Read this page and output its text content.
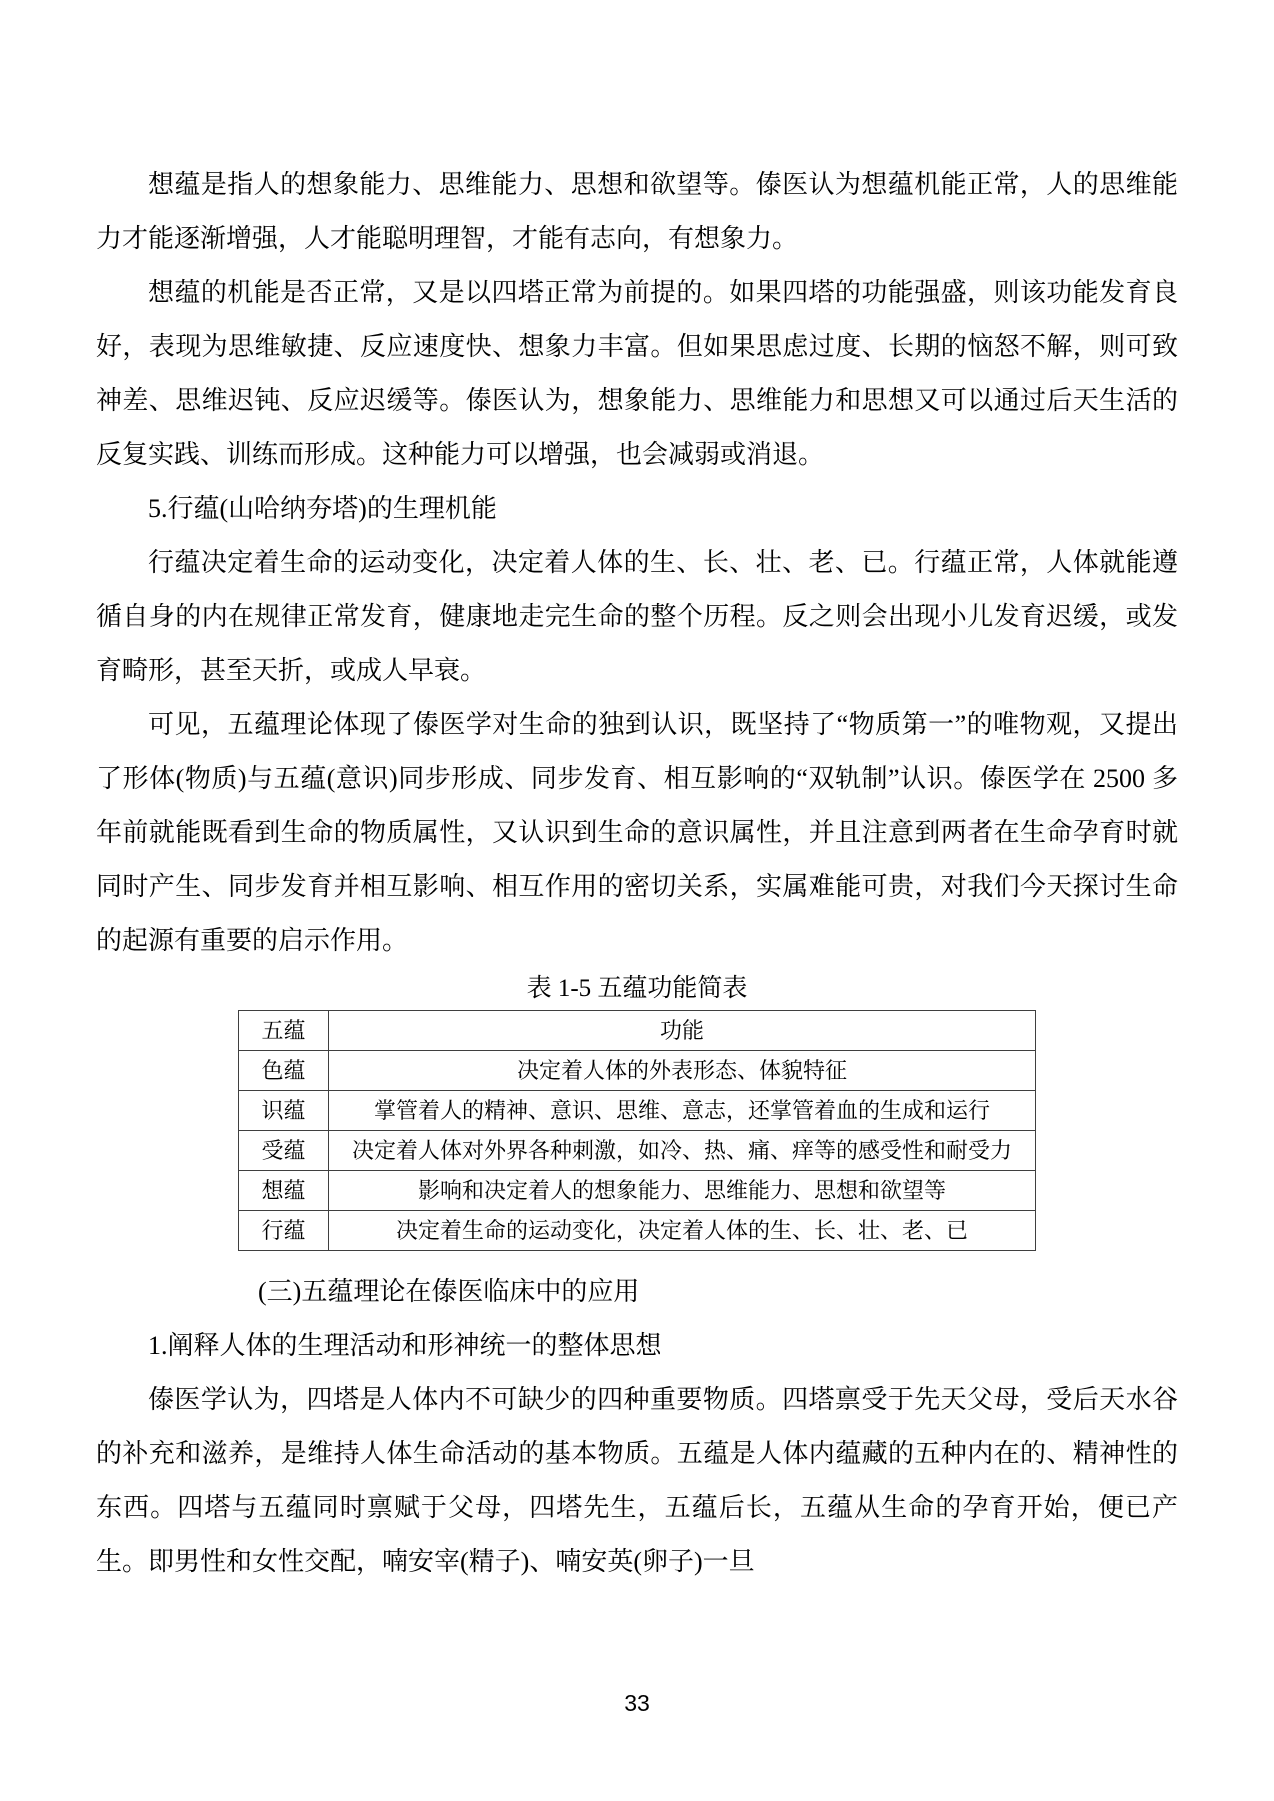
想蕴是指人的想象能力、思维能力、思想和欲望等。傣医认为想蕴机能正常，人的思维能力才能逐渐增强，人才能聪明理智，才能有志向，有想象力。

想蕴的机能是否正常，又是以四塔正常为前提的。如果四塔的功能强盛，则该功能发育良好，表现为思维敏捷、反应速度快、想象力丰富。但如果思虑过度、长期的恼怒不解，则可致神差、思维迟钝、反应迟缓等。傣医认为，想象能力、思维能力和思想又可以通过后天生活的反复实践、训练而形成。这种能力可以增强，也会减弱或消退。

5.行蕴(山哈纳夯塔)的生理机能

行蕴决定着生命的运动变化，决定着人体的生、长、壮、老、已。行蕴正常，人体就能遵循自身的内在规律正常发育，健康地走完生命的整个历程。反之则会出现小儿发育迟缓，或发育畸形，甚至天折，或成人早衰。

可见，五蕴理论体现了傣医学对生命的独到认识，既坚持了“物质第一”的唯物观，又提出了形体(物质)与五蕴(意识)同步形成、同步发育、相互影响的“双轨制”认识。傣医学在 2500 多年前就能既看到生命的物质属性，又认识到生命的意识属性，并且注意到两者在生命孕育时就同时产生、同步发育并相互影响、相互作用的密切关系，实属难能可贵，对我们今天探讨生命的起源有重要的启示作用。

表 1-5 五蕴功能简表
五蕴	功能
色蕴	决定着人体的外表形态、体貌特征
识蕴	掌管着人的精神、意识、思维、意志，还掌管着血的生成和运行
受蕴	决定着人体对外界各种刺激，如冷、热、痛、痒等的感受性和耐受力
想蕴	影响和决定着人的想象能力、思维能力、思想和欲望等
行蕴	决定着生命的运动变化，决定着人体的生、长、壮、老、已

(三)五蕴理论在傣医临床中的应用

1.阐释人体的生理活动和形神统一的整体思想

傣医学认为，四塔是人体内不可缺少的四种重要物质。四塔禀受于先天父母，受后天水谷的补充和滋养，是维持人体生命活动的基本物质。五蕴是人体内蕴藏的五种内在的、精神性的东西。四塔与五蕴同时禀赋于父母，四塔先生，五蕴后长，五蕴从生命的孕育开始，便已产生。即男性和女性交配，喃安宰(精子)、喃安英(卵子)一旦

33
